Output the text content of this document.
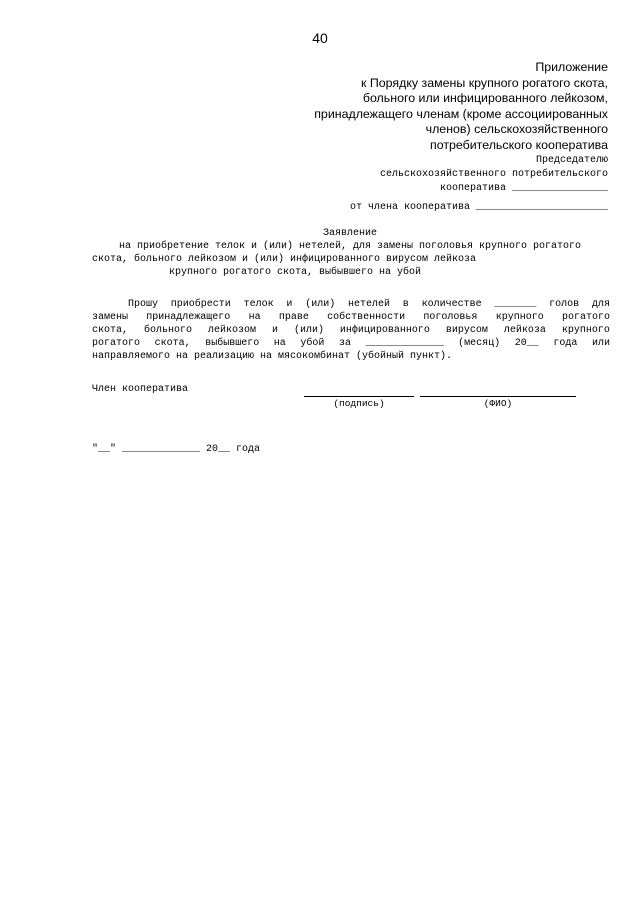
40
Приложение
к Порядку замены крупного рогатого скота,
больного или инфицированного лейкозом,
принадлежащего членам (кроме ассоциированных
членов) сельскохозяйственного
потребительского кооператива
Председателю
сельскохозяйственного потребительского
кооператива ________________
от члена кооператива ______________________
Заявление
на приобретение телок и (или) нетелей, для замены поголовья крупного рогатого
скота, больного лейкозом и (или) инфицированного вирусом лейкоза
крупного рогатого скота, выбывшего на убой
Прошу приобрести телок и (или) нетелей в количестве _______ голов для
замены принадлежащего на праве собственности поголовья крупного рогатого
скота, больного лейкозом и (или) инфицированного вирусом лейкоза крупного
рогатого скота, выбывшего на убой за _____________ (месяц) 20__ года или
направляемого на реализацию на мясокомбинат (убойный пункт).
Член кооператива
(подпись)	(ФИО)
"__" _____________ 20__ года
